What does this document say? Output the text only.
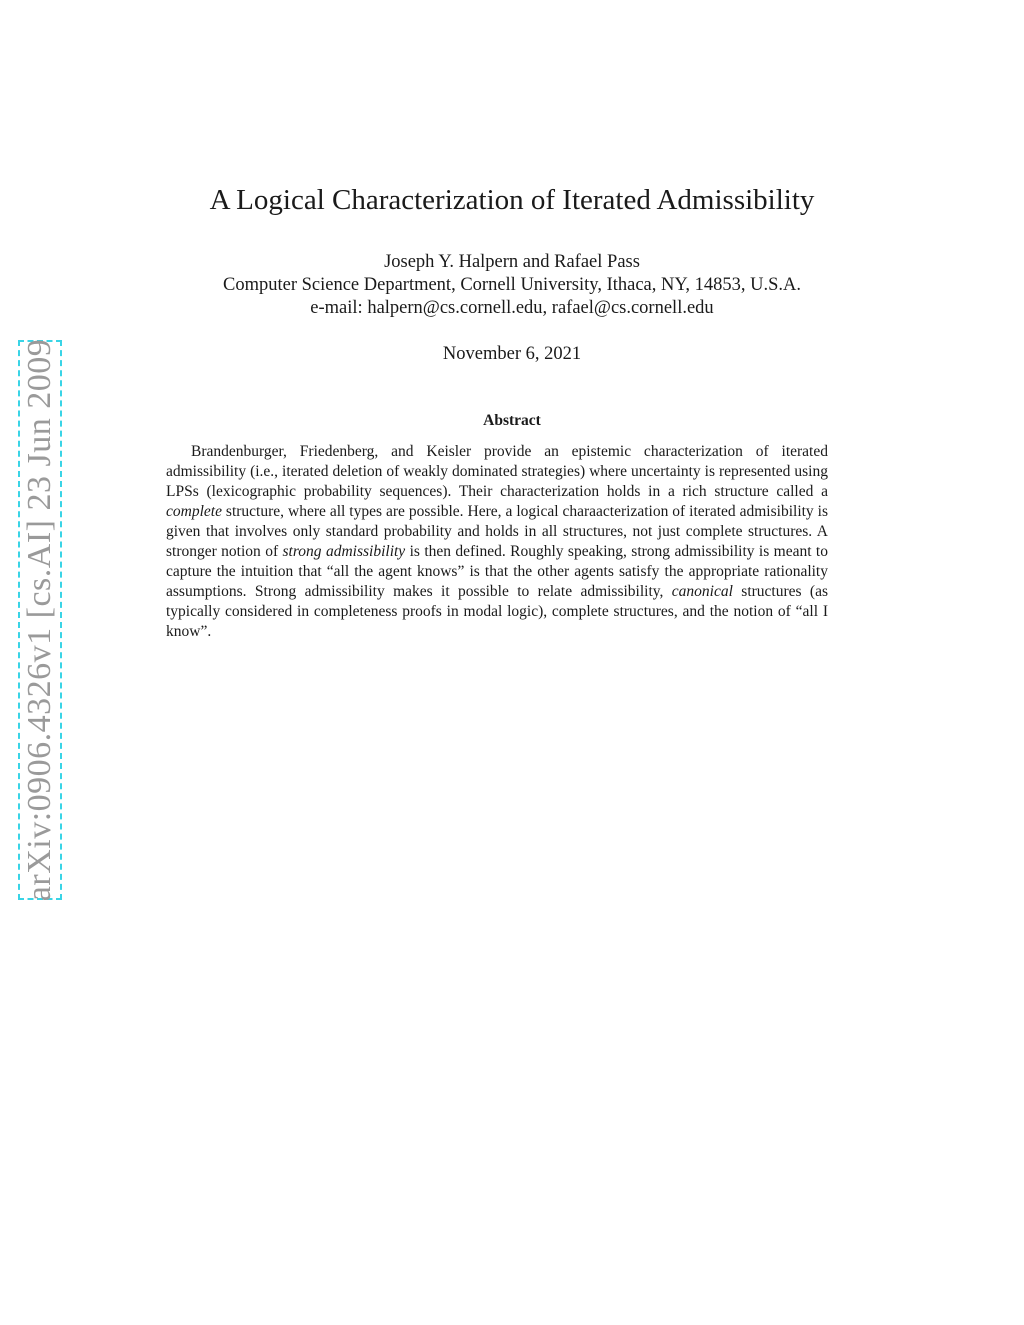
arXiv:0906.4326v1 [cs.AI] 23 Jun 2009
A Logical Characterization of Iterated Admissibility

Joseph Y. Halpern and Rafael Pass

Computer Science Department, Cornell University, Ithaca, NY, 14853, U.S.A.

e-mail: halpern@cs.cornell.edu, rafael@cs.cornell.edu

November 6, 2021

Abstract

Brandenburger, Friedenberg, and Keisler provide an epistemic characterization of iterated admissibility (i.e., iterated deletion of weakly dominated strategies) where uncertainty is represented using LPSs (lexicographic probability sequences). Their characterization holds in a rich structure called a complete structure, where all types are possible. Here, a logical charaacterization of iterated admisibility is given that involves only standard probability and holds in all structures, not just complete structures. A stronger notion of strong admissibility is then defined. Roughly speaking, strong admissibility is meant to capture the intuition that “all the agent knows” is that the other agents satisfy the appropriate rationality assumptions. Strong admissibility makes it possible to relate admissibility, canonical structures (as typically considered in completeness proofs in modal logic), complete structures, and the notion of “all I know”.
